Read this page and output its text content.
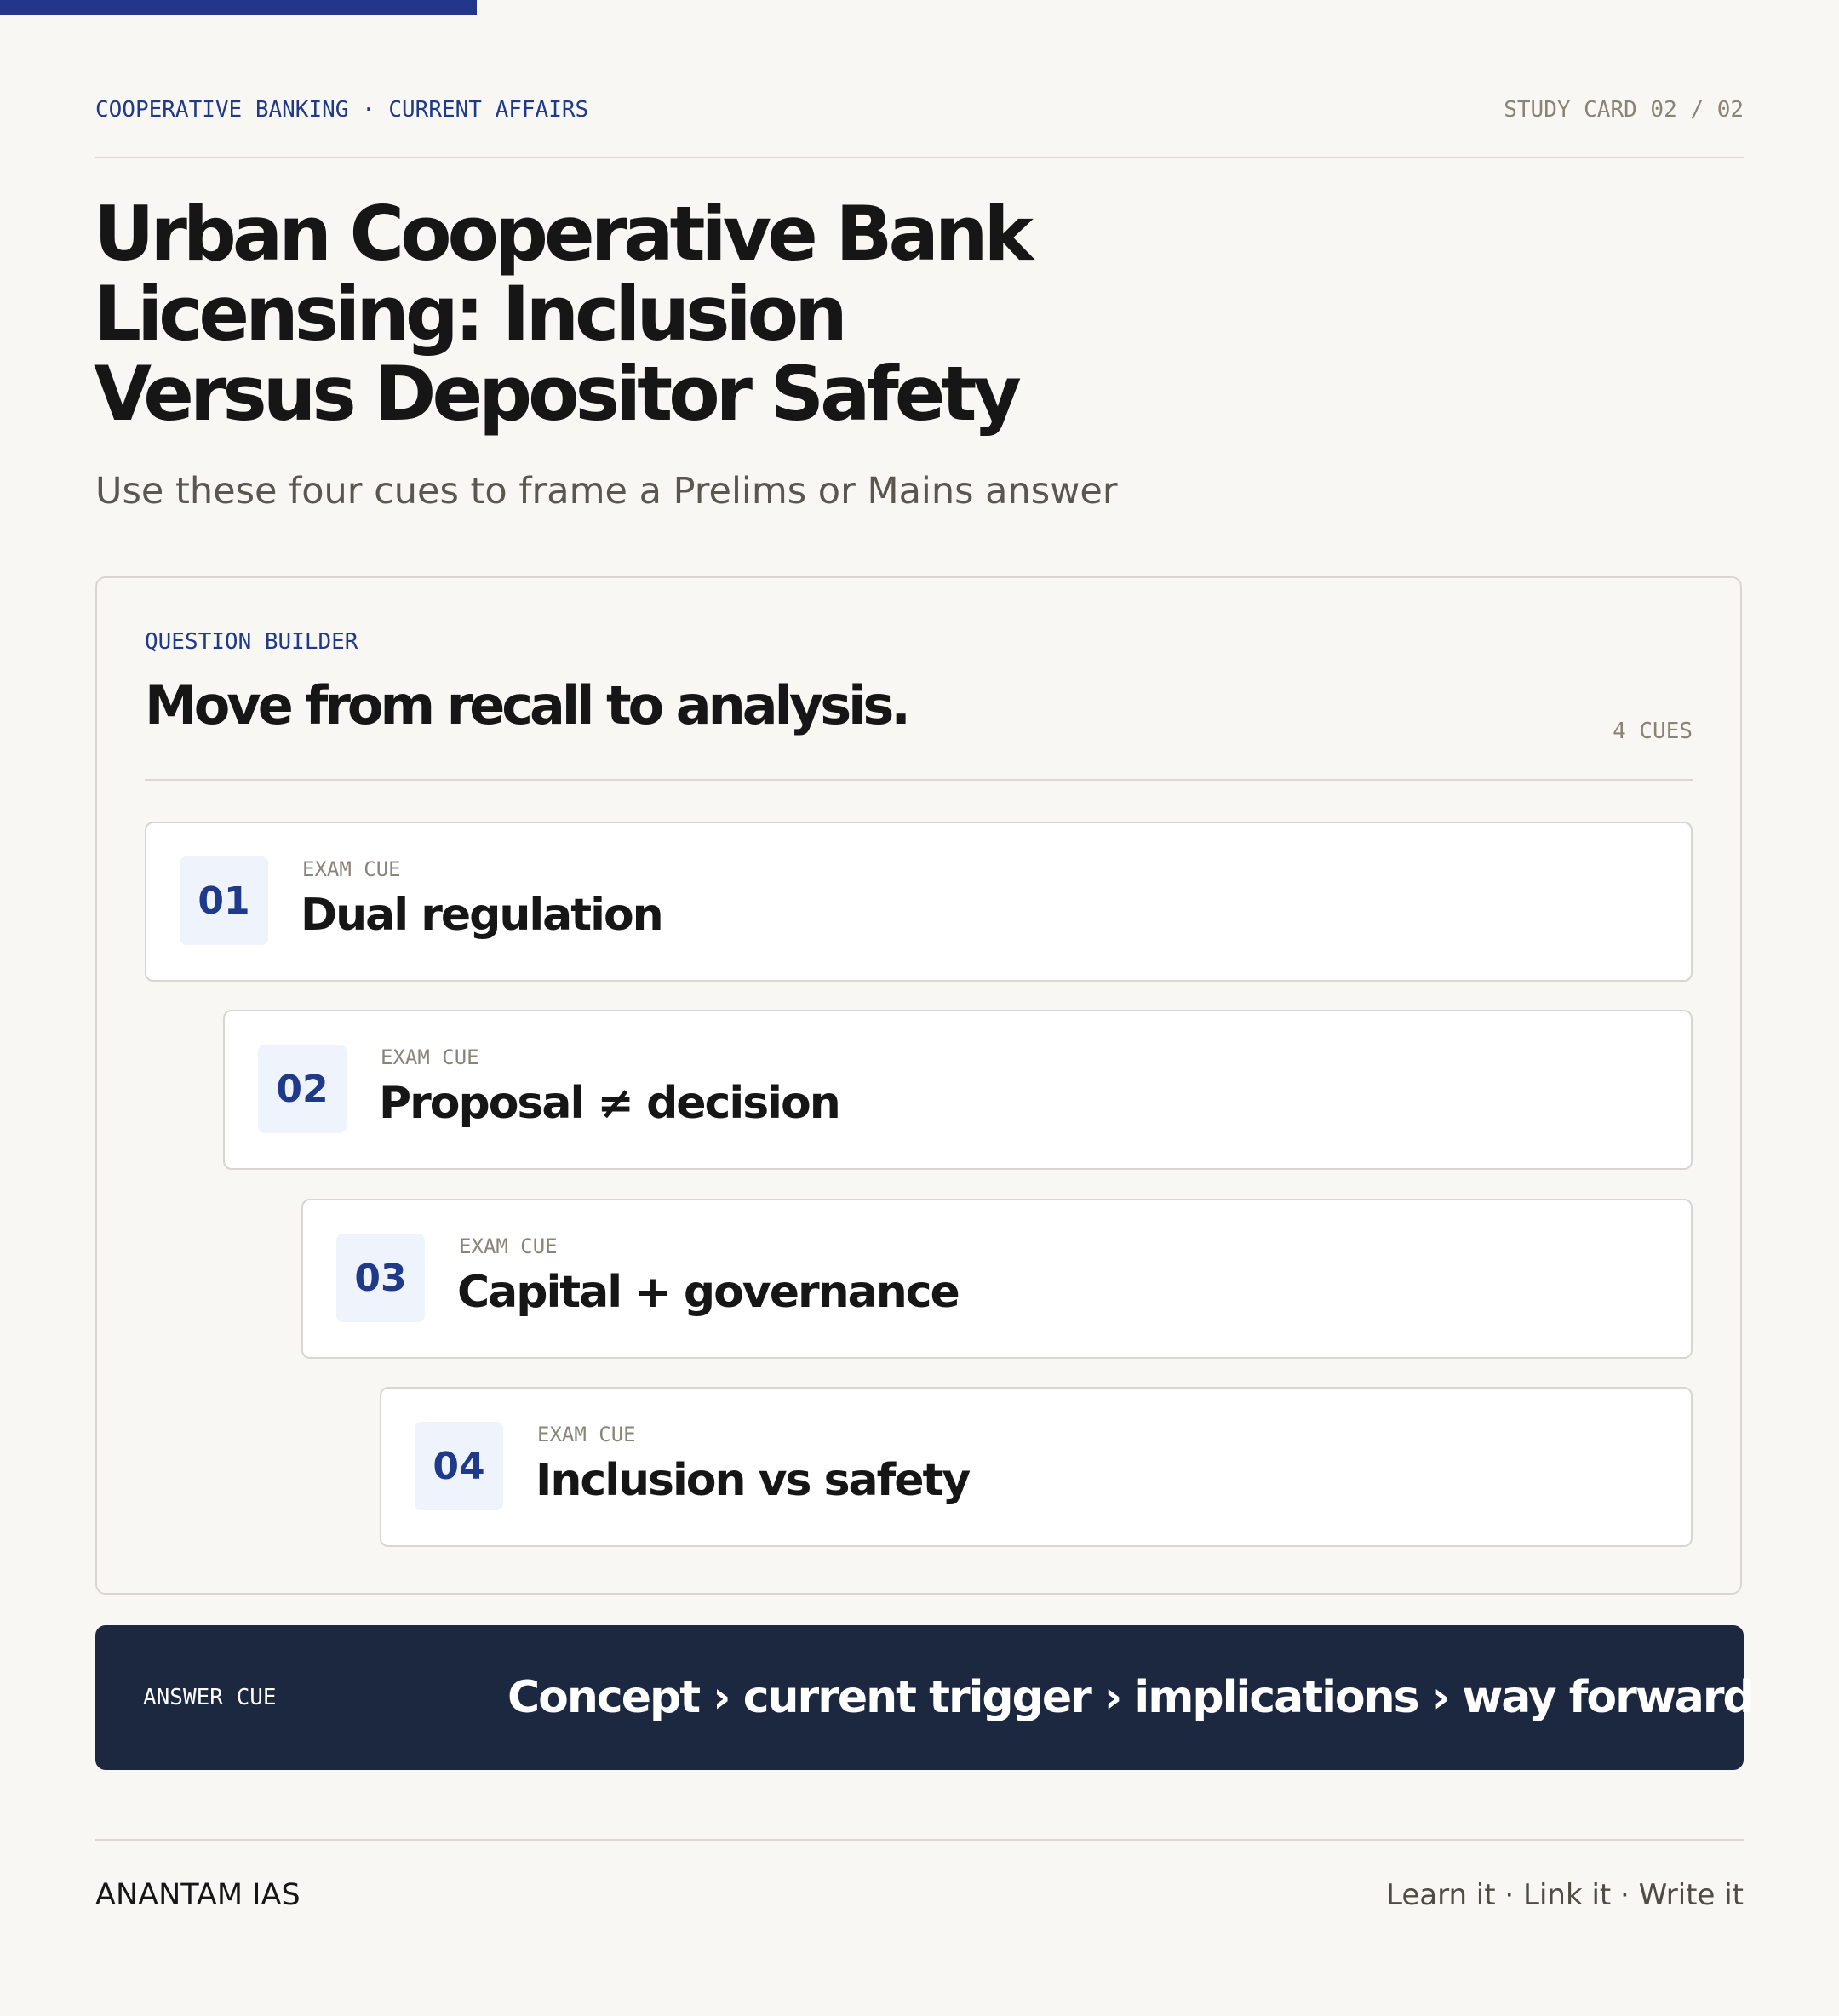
COOPERATIVE BANKING · CURRENT AFFAIRS	STUDY CARD 02 / 02
Urban Cooperative Bank Licensing: Inclusion Versus Depositor Safety

Use these four cues to frame a Prelims or Mains answer

QUESTION BUILDER
Move from recall to analysis.	4 CUES
01
EXAM CUE
Dual regulation
02
EXAM CUE
Proposal ≠ decision
03
EXAM CUE
Capital + governance
04
EXAM CUE
Inclusion vs safety
ANSWER CUE	Concept › current trigger › implications › way forward
ANANTAM IAS	Learn it · Link it · Write it
